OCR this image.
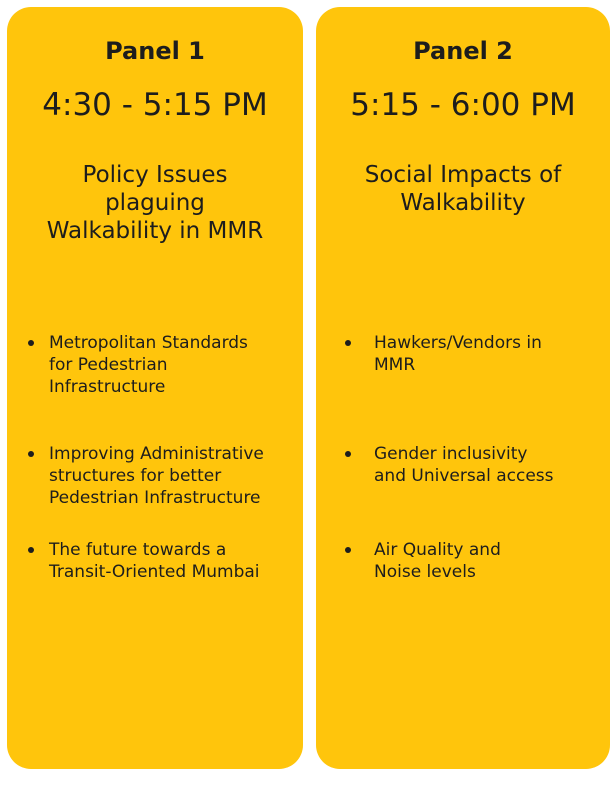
Panel 1
4:30 - 5:15 PM
Policy Issues
plaguing
Walkability in MMR
Metropolitan Standards
for Pedestrian
Infrastructure
Improving Administrative
structures for better
Pedestrian Infrastructure
The future towards a
Transit-Oriented Mumbai
Panel 2
5:15 - 6:00 PM
Social Impacts of
Walkability
Hawkers/Vendors in
MMR
Gender inclusivity
and Universal access
Air Quality and
Noise levels
